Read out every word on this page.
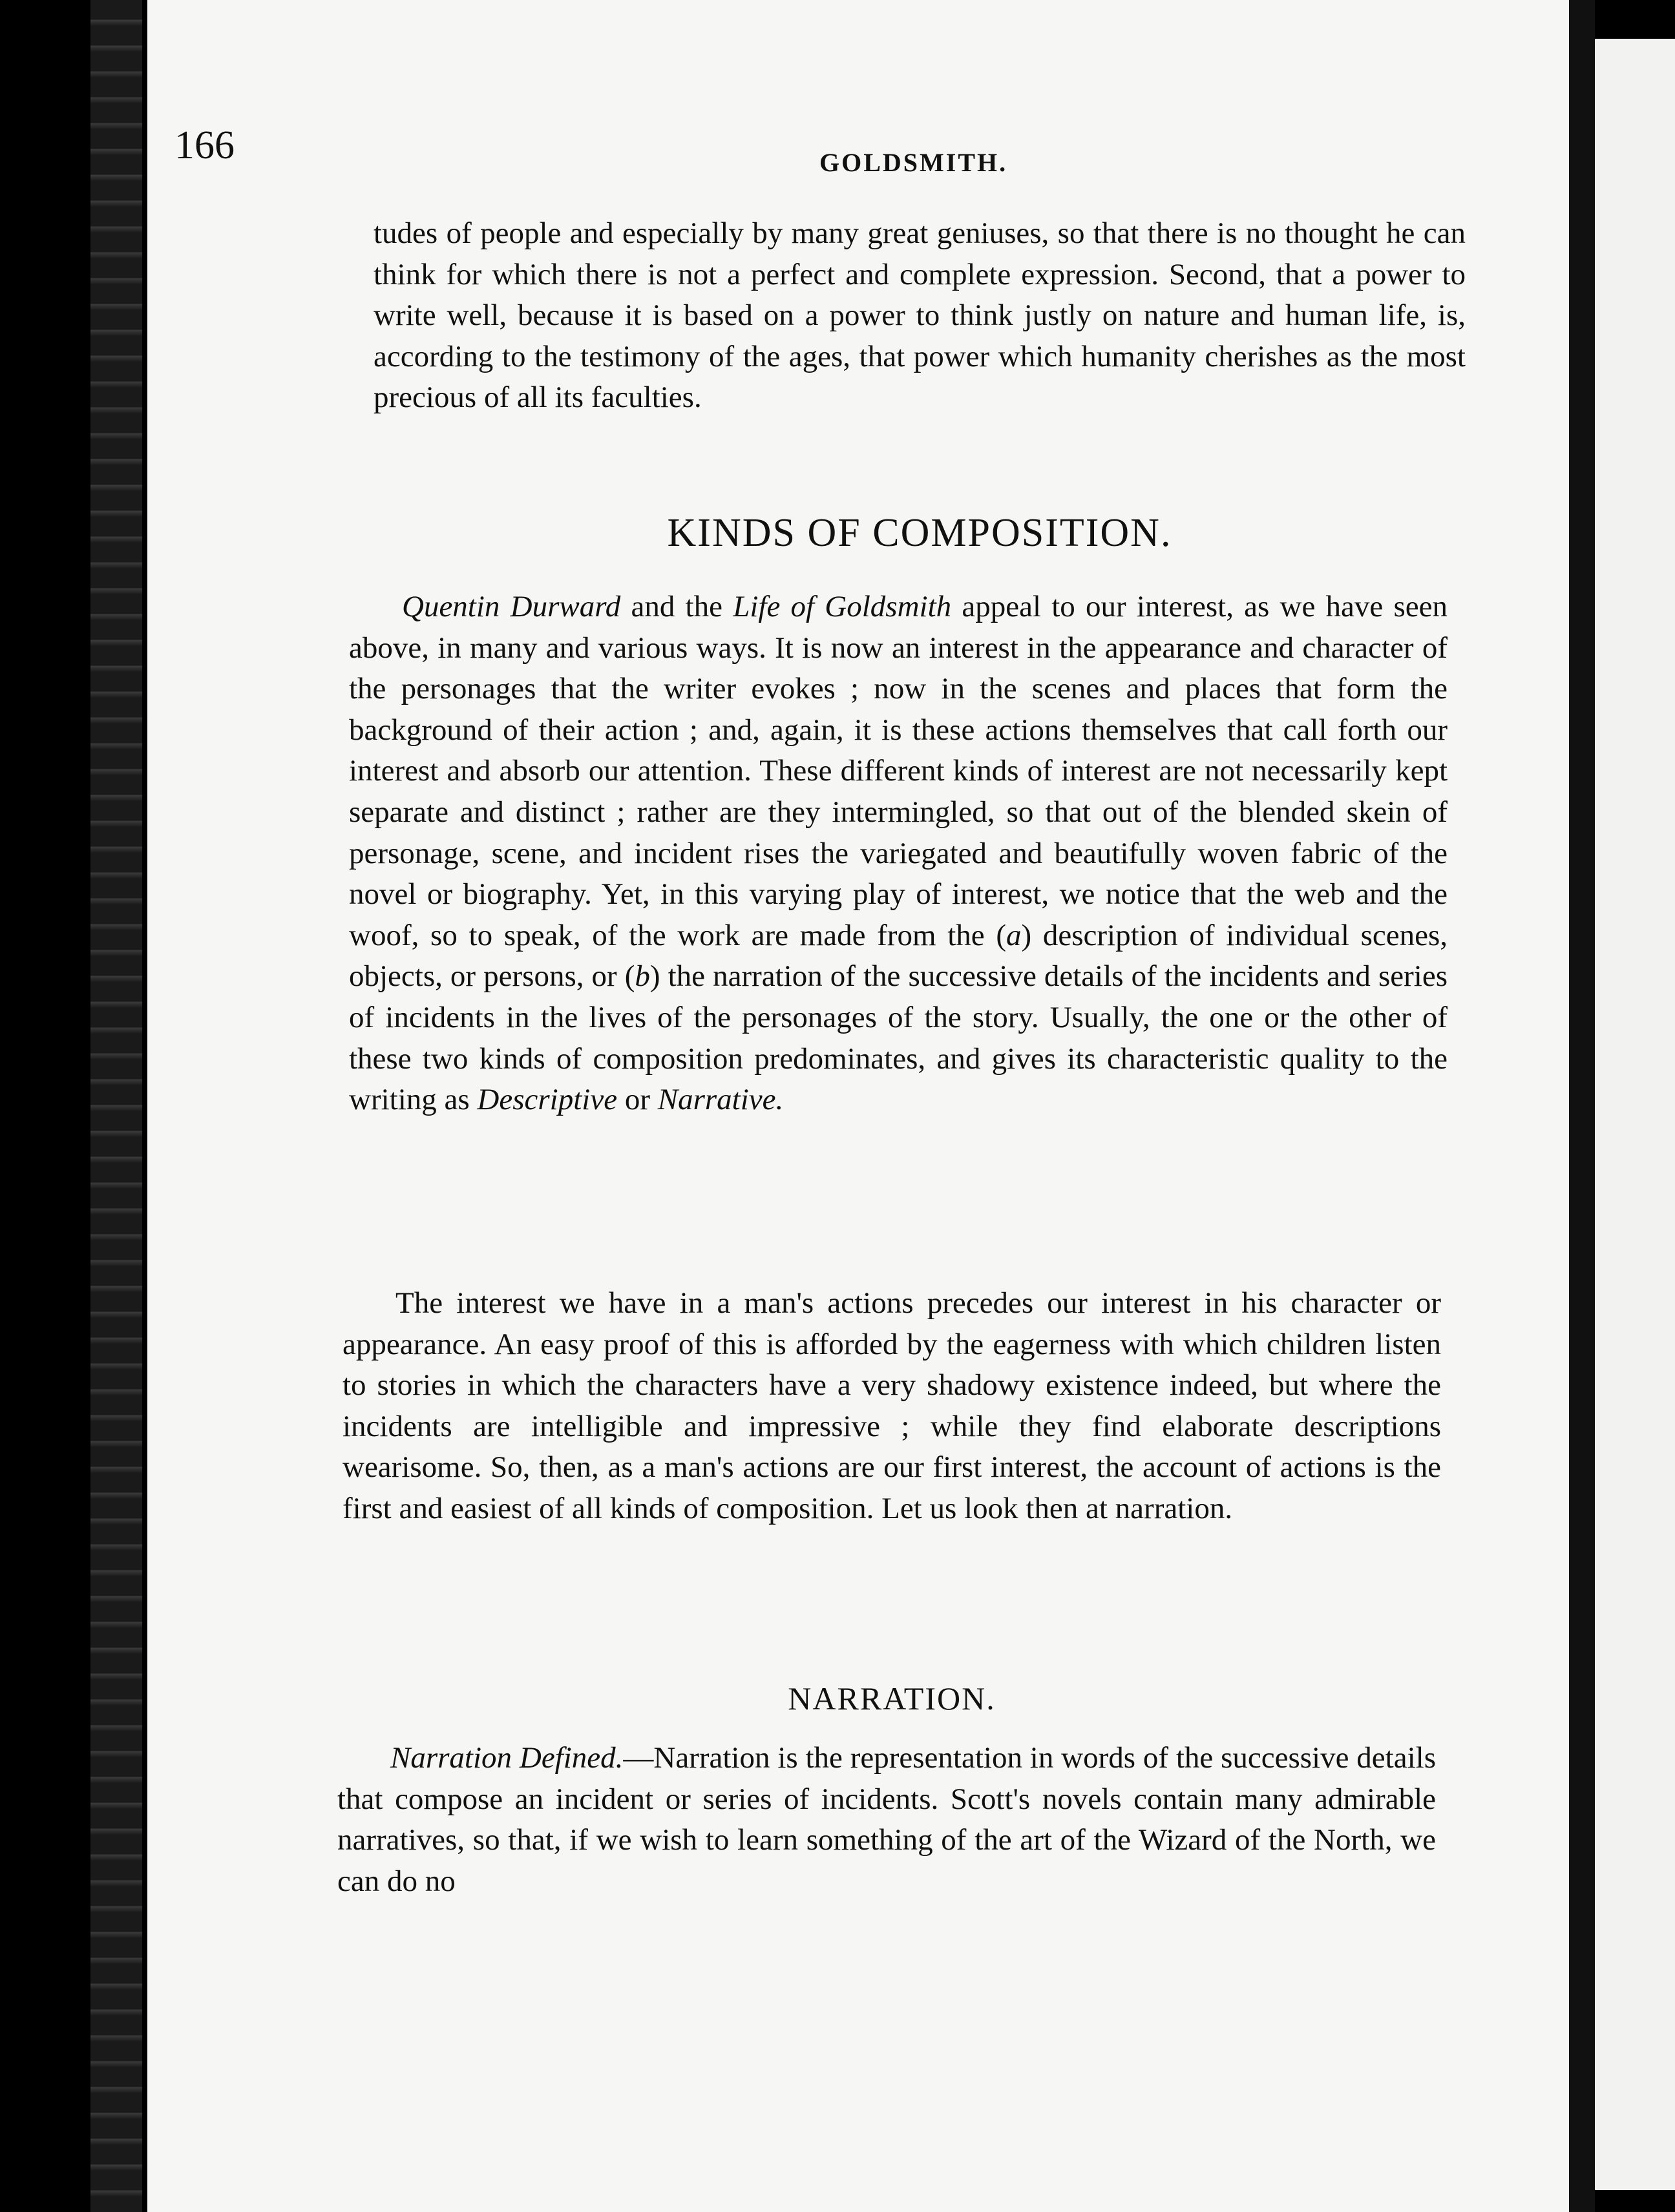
166	GOLDSMITH.

tudes of people and especially by many great geniuses, so that there is no thought he can think for which there is not a perfect and complete expression. Second, that a power to write well, because it is based on a power to think justly on nature and human life, is, according to the testimony of the ages, that power which humanity cherishes as the most precious of all its faculties.

KINDS OF COMPOSITION.

Quentin Durward and the Life of Goldsmith appeal to our interest, as we have seen above, in many and various ways. It is now an interest in the appearance and character of the personages that the writer evokes ; now in the scenes and places that form the background of their action ; and, again, it is these actions themselves that call forth our interest and absorb our attention. These different kinds of interest are not necessarily kept separate and distinct ; rather are they intermingled, so that out of the blended skein of personage, scene, and incident rises the variegated and beautifully woven fabric of the novel or biography. Yet, in this varying play of interest, we notice that the web and the woof, so to speak, of the work are made from the (a) description of individual scenes, objects, or persons, or (b) the narration of the successive details of the incidents and series of incidents in the lives of the personages of the story. Usually, the one or the other of these two kinds of composition predominates, and gives its characteristic quality to the writing as Descriptive or Narrative.

The interest we have in a man's actions precedes our interest in his character or appearance. An easy proof of this is afforded by the eagerness with which children listen to stories in which the characters have a very shadowy existence indeed, but where the incidents are intelligible and impressive ; while they find elaborate descriptions wearisome. So, then, as a man's actions are our first interest, the account of actions is the first and easiest of all kinds of composition. Let us look then at narration.

NARRATION.

Narration Defined.—Narration is the representation in words of the successive details that compose an incident or series of incidents. Scott's novels contain many admirable narratives, so that, if we wish to learn something of the art of the Wizard of the North, we can do no
